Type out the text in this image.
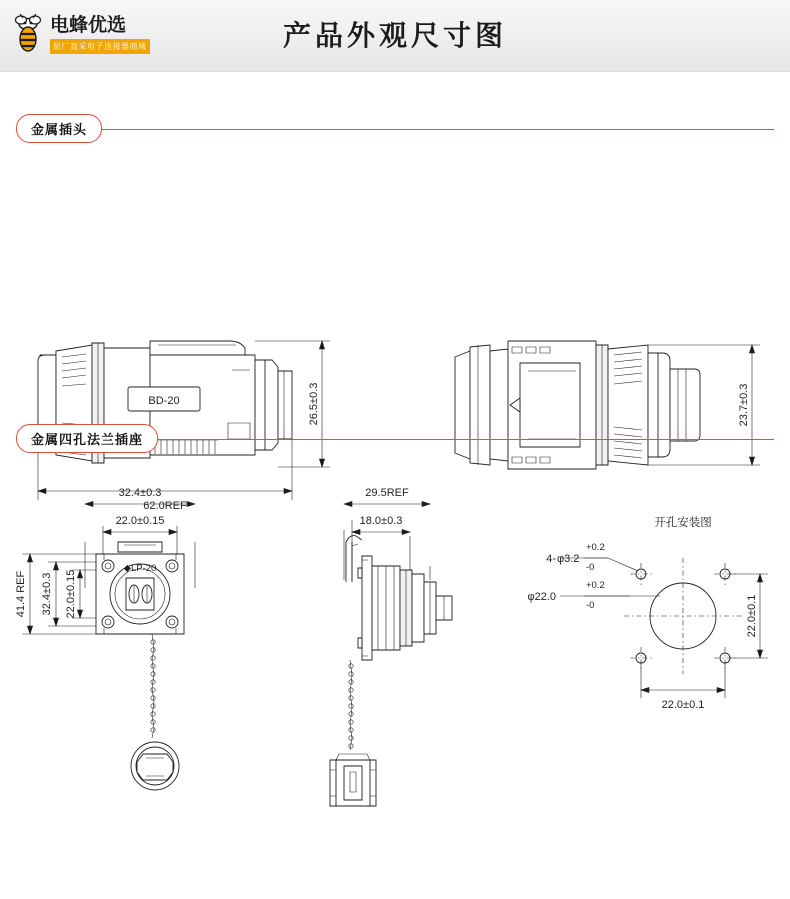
电蜂优选
原厂直采电子连接器商城	产品外观尺寸图
金属插头
BD-20	26.5±0.3
62.0REF
23.7±0.3
金属四孔法兰插座
32.4±0.3
22.0±0.15
◆LP-20
41.4 REF 32.4±0.3 22.0±0.15
29.5REF
18.0±0.3	开孔安装图
4- φ3.2
+0.2
-0
φ22.0
+0.2
-0	22.0±0.1
22.0±0.1
